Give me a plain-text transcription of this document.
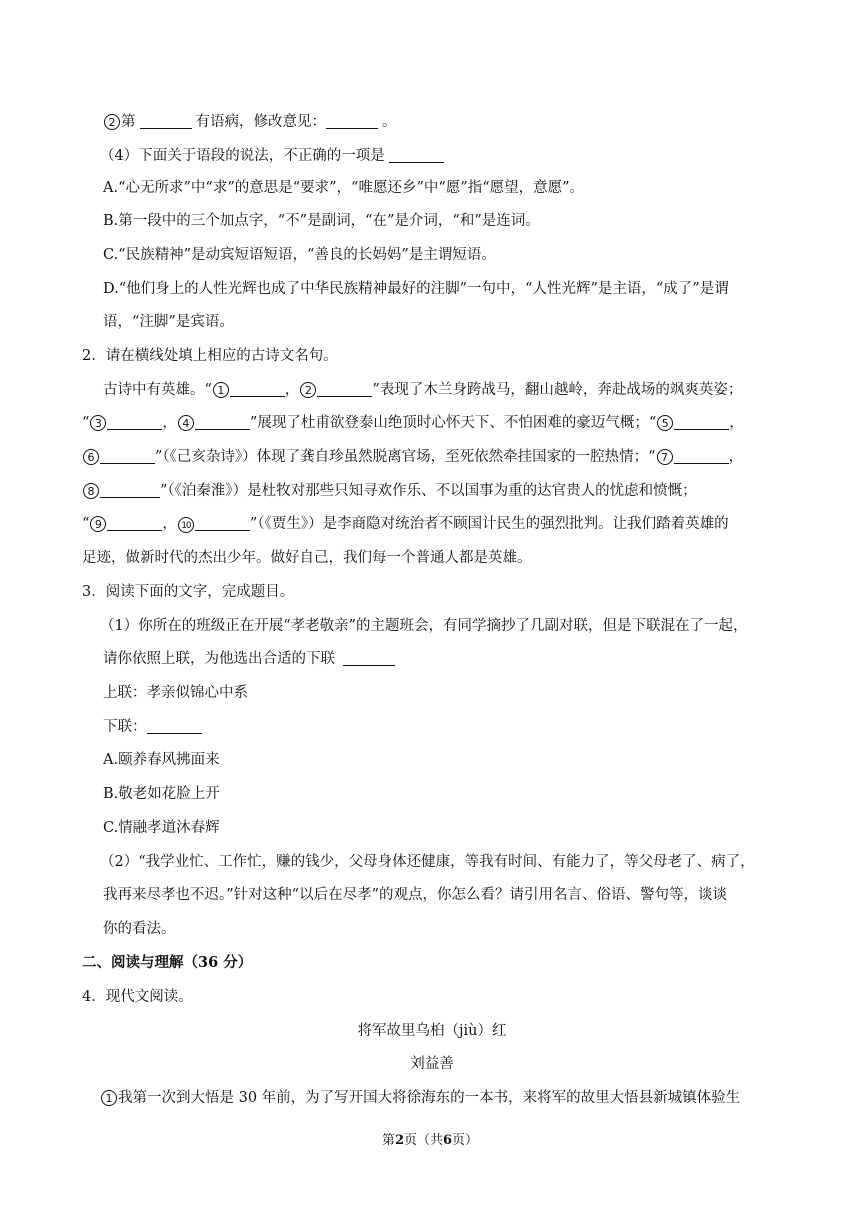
2 第	有语病，修改意见：	。
（4）下面关于语段的说法，不正确的一项是
A.“心无所求”中“求”的意思是“要求”，“唯愿还乡”中“愿”指“愿望，意愿”。
B.第一段中的三个加点字，“不”是副词，“在”是介词，“和”是连词。
C.“民族精神”是动宾短语短语，“善良的长妈妈”是主谓短语。
D.“他们身上的人性光辉也成了中华民族精神最好的注脚”一句中，“人性光辉”是主语，“成了”是谓
语，“注脚”是宾语。
2．请在横线处填上相应的古诗文名句。
古诗中有英雄。“ 1	， 2	”表现了木兰身跨战马，翻山越岭，奔赴战场的飒爽英姿；
“ 3	， 4	”展现了杜甫欲登泰山绝顶时心怀天下、不怕困难的豪迈气概；“ 5	，
6	”（《己亥杂诗》）体现了龚自珍虽然脱离官场，至死依然牵挂国家的一腔热情；“ 7	，
8	”（《泊秦淮》）是杜牧对那些只知寻欢作乐、不以国事为重的达官贵人的忧虑和愤慨；
“ 9	， 10	”（《贾生》）是李商隐对统治者不顾国计民生的强烈批判。让我们踏着英雄的
足迹，做新时代的杰出少年。做好自己，我们每一个普通人都是英雄。
3．阅读下面的文字，完成题目。
（1）你所在的班级正在开展“孝老敬亲”的主题班会，有同学摘抄了几副对联，但是下联混在了一起，
请你依照上联，为他选出合适的下联
上联：孝亲似锦心中系
下联：
A.颐养春风拂面来
B.敬老如花脸上开
C.情融孝道沐春辉
（2）“我学业忙、工作忙，赚的钱少，父母身体还健康，等我有时间、有能力了，等父母老了、病了，
我再来尽孝也不迟。”针对这种“以后在尽孝”的观点，你怎么看？请引用名言、俗语、警句等，谈谈
你的看法。
二、阅读与理解（36 分）
4．现代文阅读。
将军故里乌桕（jiù）红
刘益善
1 我第一次到大悟是 30 年前，为了写开国大将徐海东的一本书，来将军的故里大悟县新城镇体验生
第2页（共6页）
